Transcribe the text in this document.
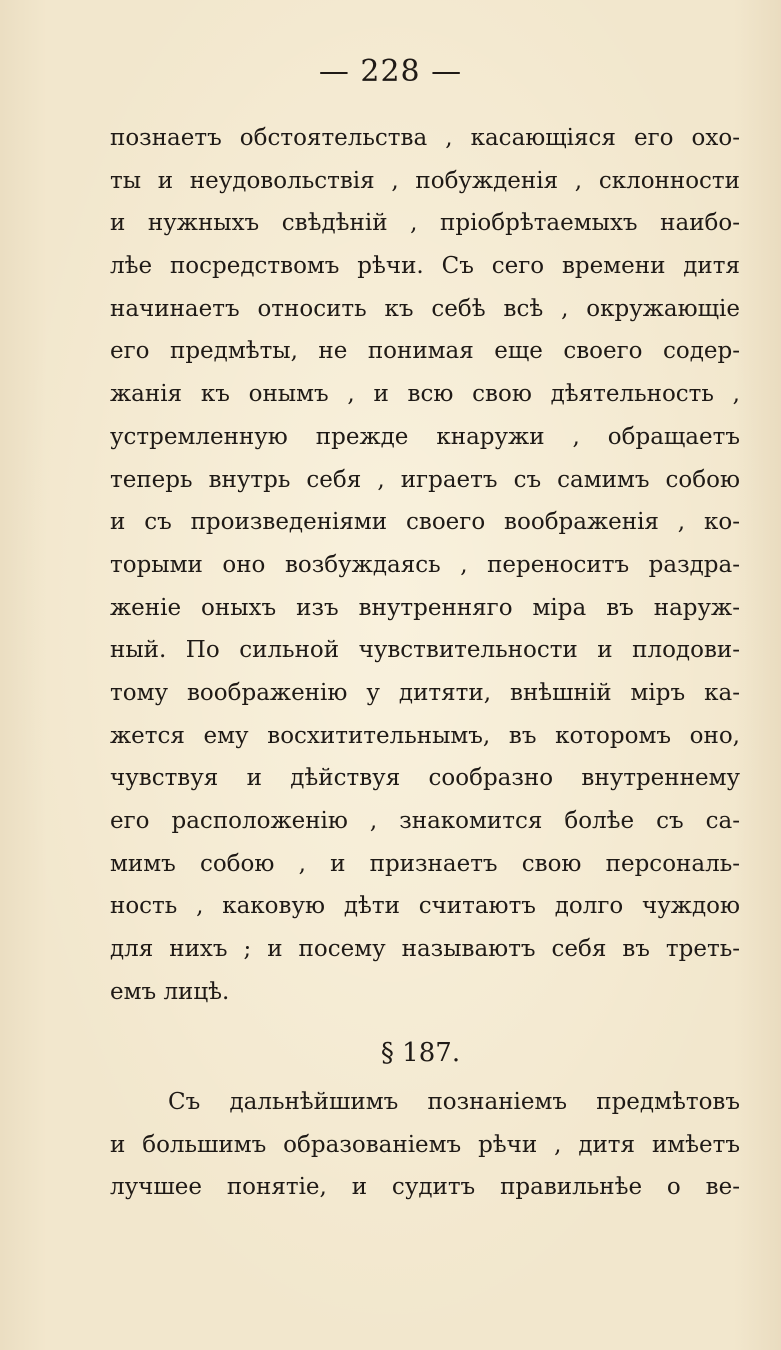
— 228 —
познаетъ обстоятельства , касающіяся его охо-
ты и неудовольствія , побужденія , склонности
и нужныхъ свѣдѣній , пріобрѣтаемыхъ наибо-
лѣе посредствомъ рѣчи. Съ сего времени дитя
начинаетъ относить къ себѣ всѣ , окружающіе
его предмѣты, не понимая еще своего содер-
жанія къ онымъ , и всю свою дѣятельность ,
устремленную прежде кнаружи , обращаетъ
теперь внутрь себя , играетъ съ самимъ собою
и съ произведеніями своего воображенія , ко-
торыми оно возбуждаясь , переноситъ раздра-
женіе оныхъ изъ внутренняго міра въ наруж-
ный. По сильной чувствительности и плодови-
тому воображенію у дитяти, внѣшній міръ ка-
жется ему восхитительнымъ, въ которомъ оно,
чувствуя и дѣйствуя сообразно внутреннему
его расположенію , знакомится болѣе съ са-
мимъ собою , и признаетъ свою персональ-
ность , каковую дѣти считаютъ долго чуждою
для нихъ ; и посему называютъ себя въ треть-
емъ лицѣ.
§ 187.
Съ дальнѣйшимъ познаніемъ предмѣтовъ
и большимъ образованіемъ рѣчи , дитя имѣетъ
лучшее понятіе, и судитъ правильнѣе о ве-
